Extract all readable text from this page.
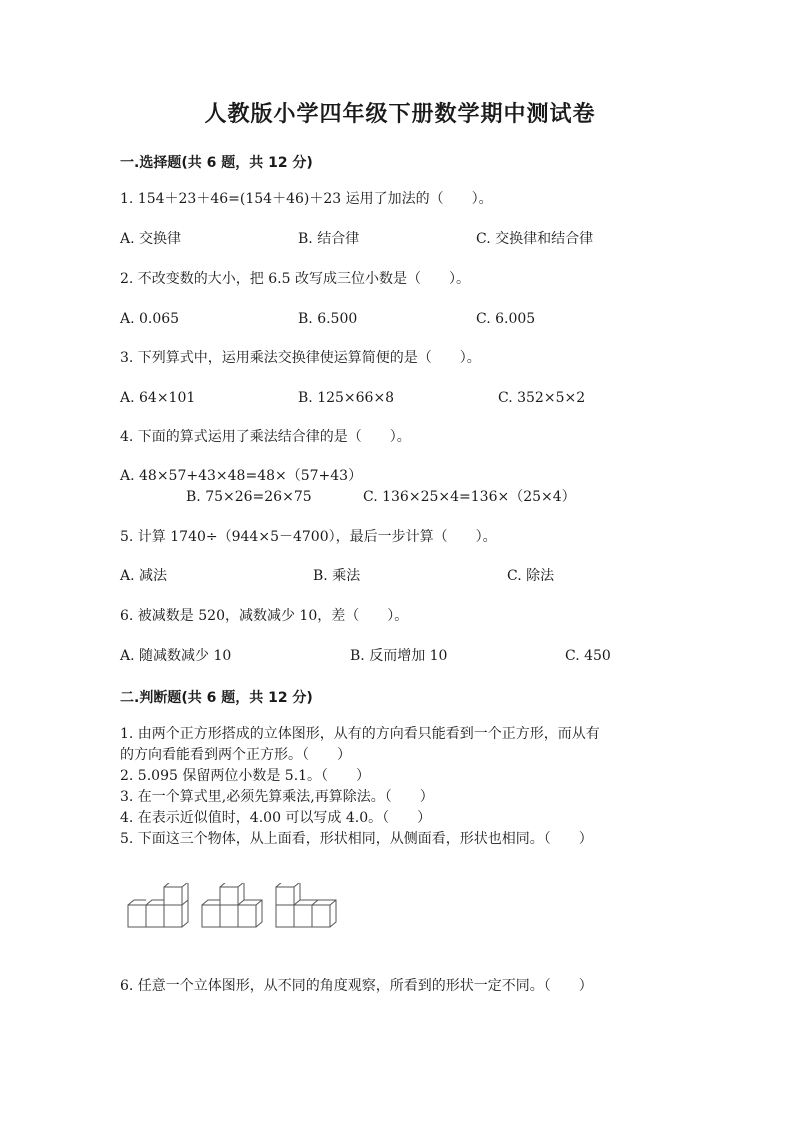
人教版小学四年级下册数学期中测试卷
一.选择题(共 6 题，共 12 分)
1. 154＋23＋46=(154＋46)＋23 运用了加法的（　　）。
A. 交换律	B. 结合律	C. 交换律和结合律
2. 不改变数的大小，把 6.5 改写成三位小数是（　　）。
A. 0.065	B. 6.500	C. 6.005
3. 下列算式中，运用乘法交换律使运算简便的是（　　）。
A. 64×101	B. 125×66×8	C. 352×5×2
4. 下面的算式运用了乘法结合律的是（　　）。
A. 48×57+43×48=48×（57+43）
B. 75×26=26×75	C. 136×25×4=136×（25×4）
5. 计算 1740÷（944×5－4700），最后一步计算（　　）。
A. 减法	B. 乘法	C. 除法
6. 被减数是 520，减数减少 10，差（　　）。
A. 随减数减少 10	B. 反而增加 10	C. 450
二.判断题(共 6 题，共 12 分)
1. 由两个正方形搭成的立体图形，从有的方向看只能看到一个正方形，而从有
的方向看能看到两个正方形。（　　）
2. 5.095 保留两位小数是 5.1。（　　）
3. 在一个算式里,必须先算乘法,再算除法。（　　）
4. 在表示近似值时，4.00 可以写成 4.0。（　　）
5. 下面这三个物体，从上面看，形状相同，从侧面看，形状也相同。（　　）
6. 任意一个立体图形，从不同的角度观察，所看到的形状一定不同。（　　）
